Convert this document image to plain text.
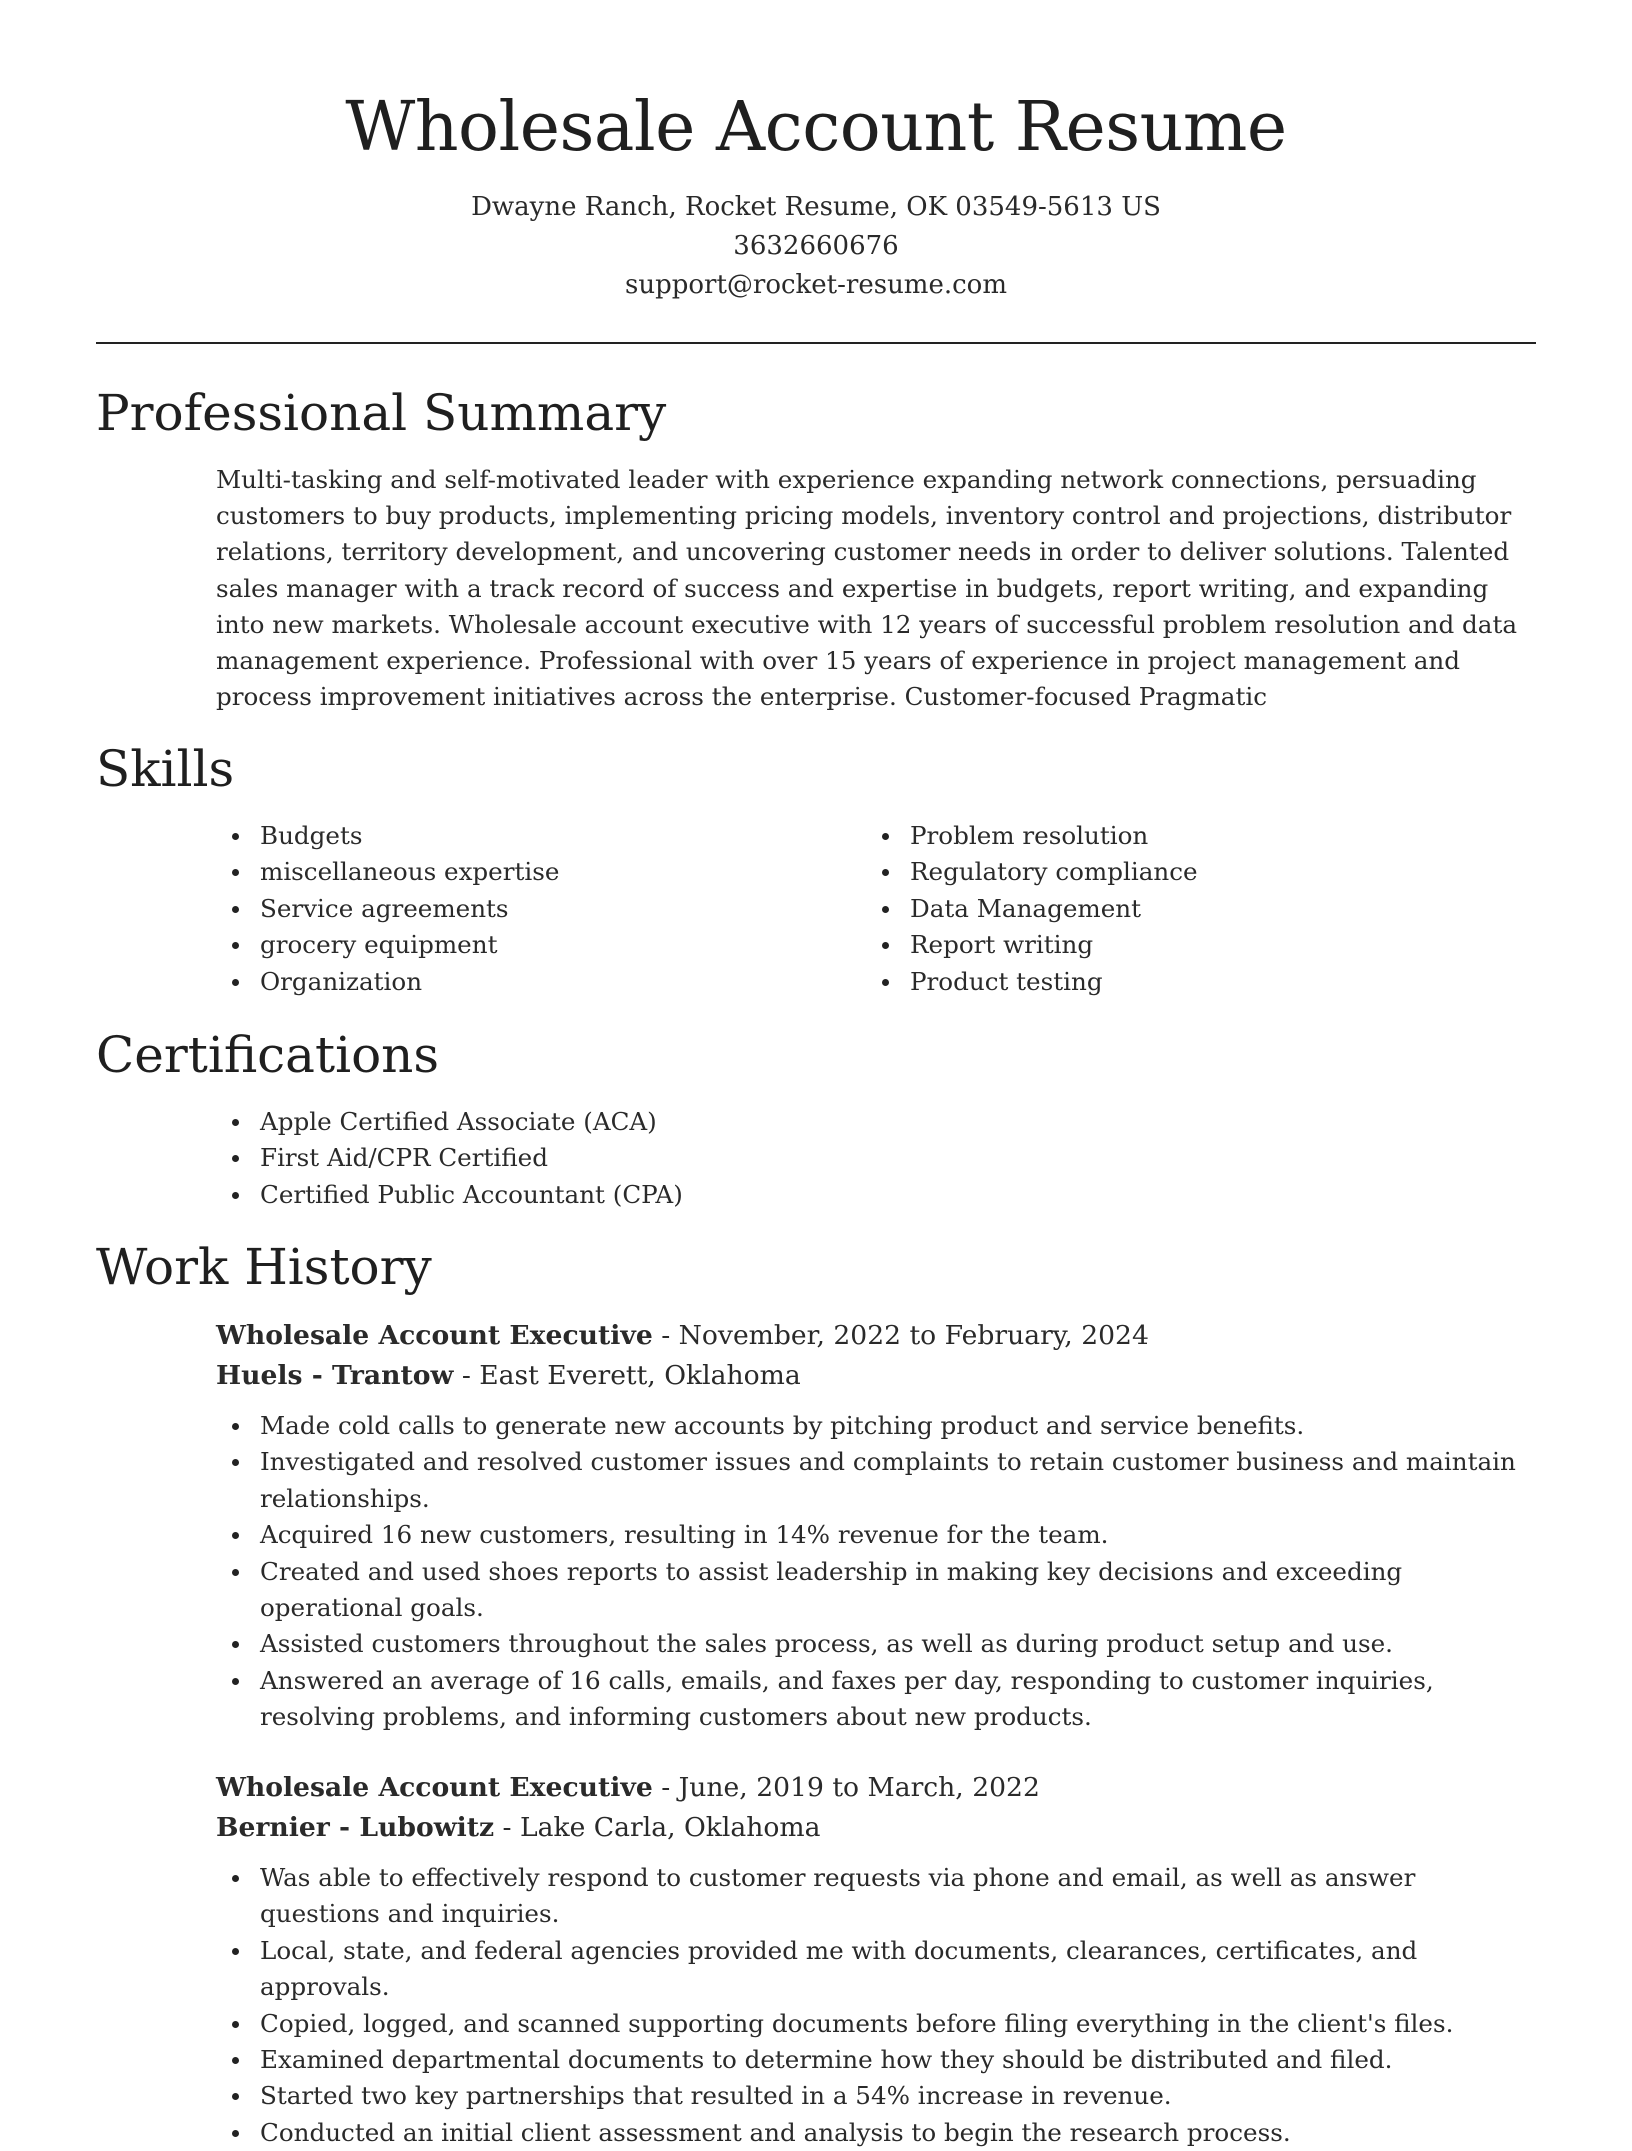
Wholesale Account Resume
Dwayne Ranch, Rocket Resume, OK 03549-5613 US
3632660676
support@rocket-resume.com
Professional Summary

Multi-tasking and self-motivated leader with experience expanding network connections, persuading customers to buy products, implementing pricing models, inventory control and projections, distributor relations, territory development, and uncovering customer needs in order to deliver solutions. Talented sales manager with a track record of success and expertise in budgets, report writing, and expanding into new markets. Wholesale account executive with 12 years of successful problem resolution and data management experience. Professional with over 15 years of experience in project management and process improvement initiatives across the enterprise. Customer-focused Pragmatic

Skills
Budgets
miscellaneous expertise
Service agreements
grocery equipment
Organization
Problem resolution
Regulatory compliance
Data Management
Report writing
Product testing
Certifications
Apple Certified Associate (ACA)
First Aid/CPR Certified
Certified Public Accountant (CPA)
Work History
Wholesale Account Executive - November, 2022 to February, 2024
Huels - Trantow - East Everett, Oklahoma
Made cold calls to generate new accounts by pitching product and service benefits.
Investigated and resolved customer issues and complaints to retain customer business and maintain relationships.
Acquired 16 new customers, resulting in 14% revenue for the team.
Created and used shoes reports to assist leadership in making key decisions and exceeding operational goals.
Assisted customers throughout the sales process, as well as during product setup and use.
Answered an average of 16 calls, emails, and faxes per day, responding to customer inquiries, resolving problems, and informing customers about new products.
Wholesale Account Executive - June, 2019 to March, 2022
Bernier - Lubowitz - Lake Carla, Oklahoma
Was able to effectively respond to customer requests via phone and email, as well as answer questions and inquiries.
Local, state, and federal agencies provided me with documents, clearances, certificates, and approvals.
Copied, logged, and scanned supporting documents before filing everything in the client's files.
Examined departmental documents to determine how they should be distributed and filed.
Started two key partnerships that resulted in a 54% increase in revenue.
Conducted an initial client assessment and analysis to begin the research process.
